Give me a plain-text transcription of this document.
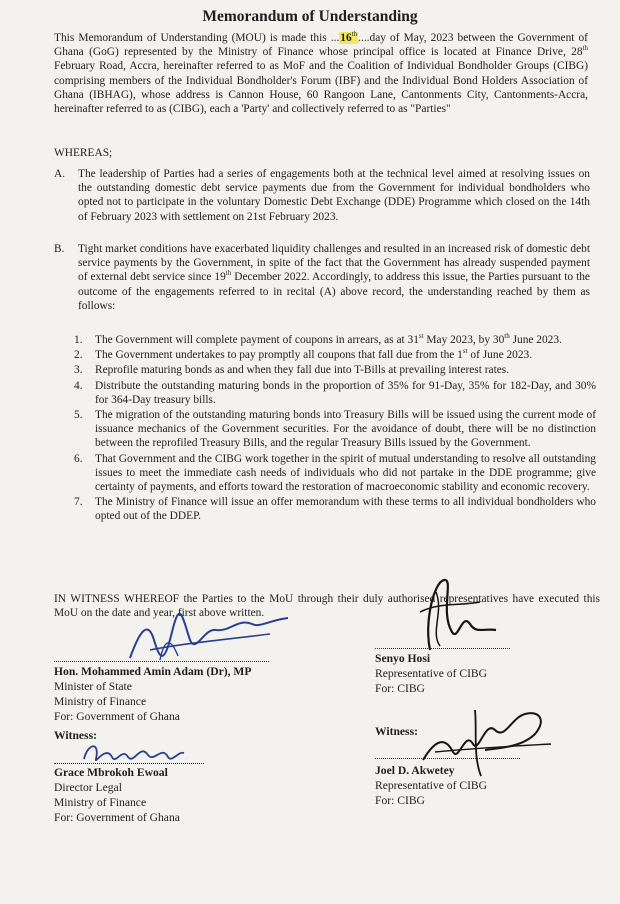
Memorandum of Understanding
This Memorandum of Understanding (MOU) is made this ...16th....day of May, 2023 between the Government of Ghana (GoG) represented by the Ministry of Finance whose principal office is located at Finance Drive, 28th February Road, Accra, hereinafter referred to as MoF and the Coalition of Individual Bondholder Groups (CIBG) comprising members of the Individual Bondholder's Forum (IBF) and the Individual Bond Holders Association of Ghana (IBHAG), whose address is Cannon House, 60 Rangoon Lane, Cantonments City, Cantonments-Accra, hereinafter referred to as (CIBG), each a 'Party' and collectively referred to as "Parties"
WHEREAS;
A. The leadership of Parties had a series of engagements both at the technical level aimed at resolving issues on the outstanding domestic debt service payments due from the Government for individual bondholders who opted not to participate in the voluntary Domestic Debt Exchange (DDE) Programme which closed on the 14th of February 2023 with settlement on 21st February 2023.
B. Tight market conditions have exacerbated liquidity challenges and resulted in an increased risk of domestic debt service payments by the Government, in spite of the fact that the Government has already suspended payment of external debt service since 19th December 2022. Accordingly, to address this issue, the Parties pursuant to the outcome of the engagements referred to in recital (A) above record, the understanding reached by them as follows:
1. The Government will complete payment of coupons in arrears, as at 31st May 2023, by 30th June 2023.
2. The Government undertakes to pay promptly all coupons that fall due from the 1st of June 2023.
3. Reprofile maturing bonds as and when they fall due into T-Bills at prevailing interest rates.
4. Distribute the outstanding maturing bonds in the proportion of 35% for 91-Day, 35% for 182-Day, and 30% for 364-Day treasury bills.
5. The migration of the outstanding maturing bonds into Treasury Bills will be issued using the current mode of issuance mechanics of the Government securities. For the avoidance of doubt, there will be no distinction between the reprofiled Treasury Bills, and the regular Treasury Bills issued by the Government.
6. That Government and the CIBG work together in the spirit of mutual understanding to resolve all outstanding issues to meet the immediate cash needs of individuals who did not partake in the DDE programme; give certainty of payments, and efforts toward the restoration of macroeconomic stability and economic recovery.
7. The Ministry of Finance will issue an offer memorandum with these terms to all individual bondholders who opted out of the DDEP.
IN WITNESS WHEREOF the Parties to the MoU through their duly authorised representatives have executed this MoU on the date and year, first above written.
Hon. Mohammed Amin Adam (Dr), MP
Minister of State
Ministry of Finance
For: Government of Ghana
Senyo Hosi
Representative of CIBG
For: CIBG
Witness:
Grace Mbrokoh Ewoal
Director Legal
Ministry of Finance
For: Government of Ghana
Witness:
Joel D. Akwetey
Representative of CIBG
For: CIBG
